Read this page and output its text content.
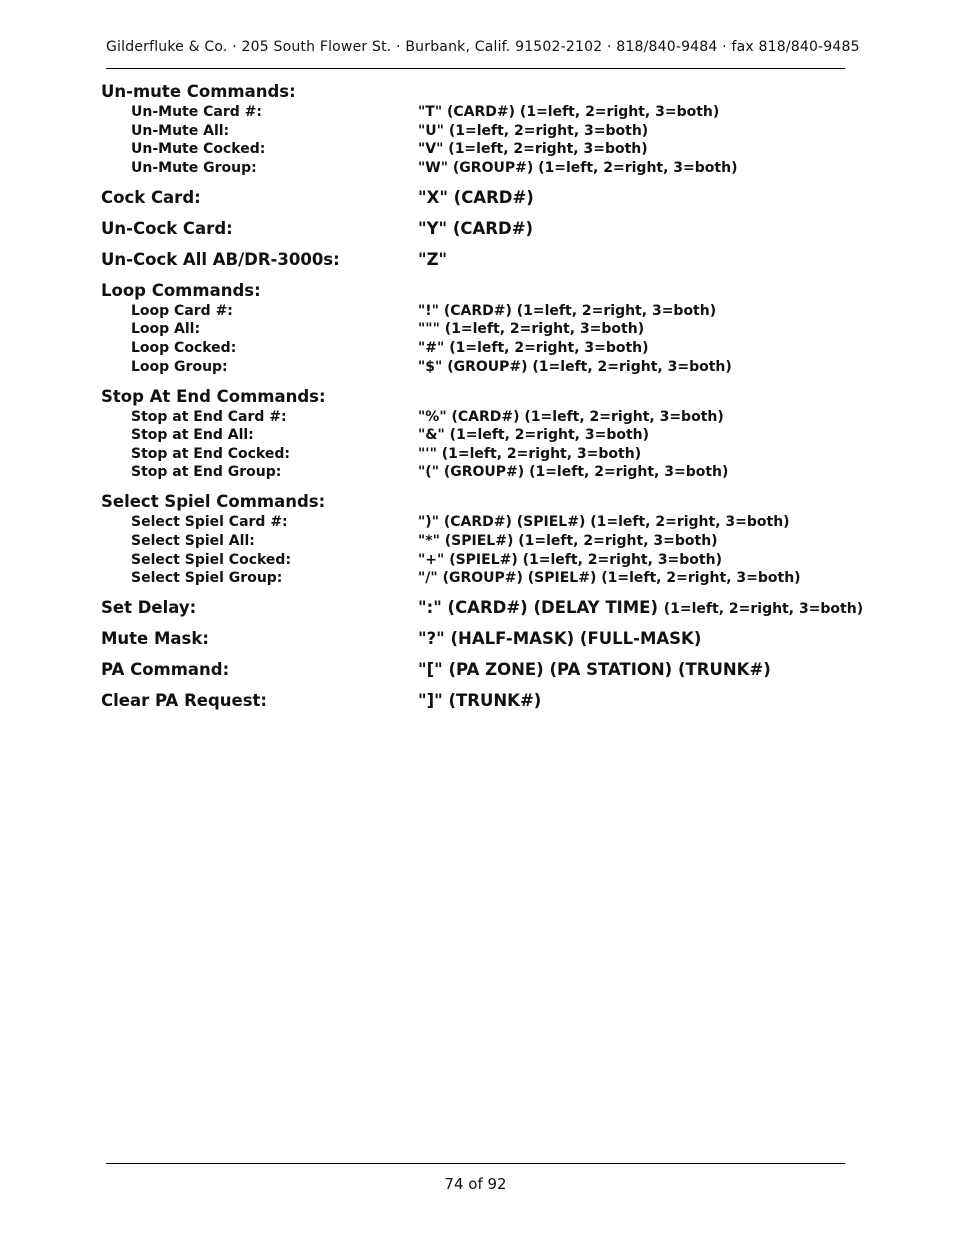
Gilderfluke & Co. · 205 South Flower St. · Burbank, Calif. 91502-2102 · 818/840-9484 · fax 818/840-9485
Un-mute Commands:
Un-Mute Card #:	"T" (CARD#) (1=left, 2=right, 3=both)
Un-Mute All:	"U" (1=left, 2=right, 3=both)
Un-Mute Cocked:	"V" (1=left, 2=right, 3=both)
Un-Mute Group:	"W" (GROUP#) (1=left, 2=right, 3=both)
Cock Card:	"X" (CARD#)
Un-Cock Card:	"Y" (CARD#)
Un-Cock All AB/DR-3000s:	"Z"
Loop Commands:
Loop Card #:	"!" (CARD#) (1=left, 2=right, 3=both)
Loop All:	""" (1=left, 2=right, 3=both)
Loop Cocked:	"#" (1=left, 2=right, 3=both)
Loop Group:	"$" (GROUP#) (1=left, 2=right, 3=both)
Stop At End Commands:
Stop at End Card #:	"%" (CARD#) (1=left, 2=right, 3=both)
Stop at End All:	"&" (1=left, 2=right, 3=both)
Stop at End Cocked:	"'" (1=left, 2=right, 3=both)
Stop at End Group:	"(" (GROUP#) (1=left, 2=right, 3=both)
Select Spiel Commands:
Select Spiel Card #:	")" (CARD#) (SPIEL#) (1=left, 2=right, 3=both)
Select Spiel All:	"*" (SPIEL#) (1=left, 2=right, 3=both)
Select Spiel Cocked:	"+" (SPIEL#) (1=left, 2=right, 3=both)
Select Spiel Group:	"/" (GROUP#) (SPIEL#) (1=left, 2=right, 3=both)
Set Delay:	":" (CARD#) (DELAY TIME) (1=left, 2=right, 3=both)
Mute Mask:	"?" (HALF-MASK) (FULL-MASK)
PA Command:	"[" (PA ZONE) (PA STATION) (TRUNK#)
Clear PA Request:	"]" (TRUNK#)
74 of 92
